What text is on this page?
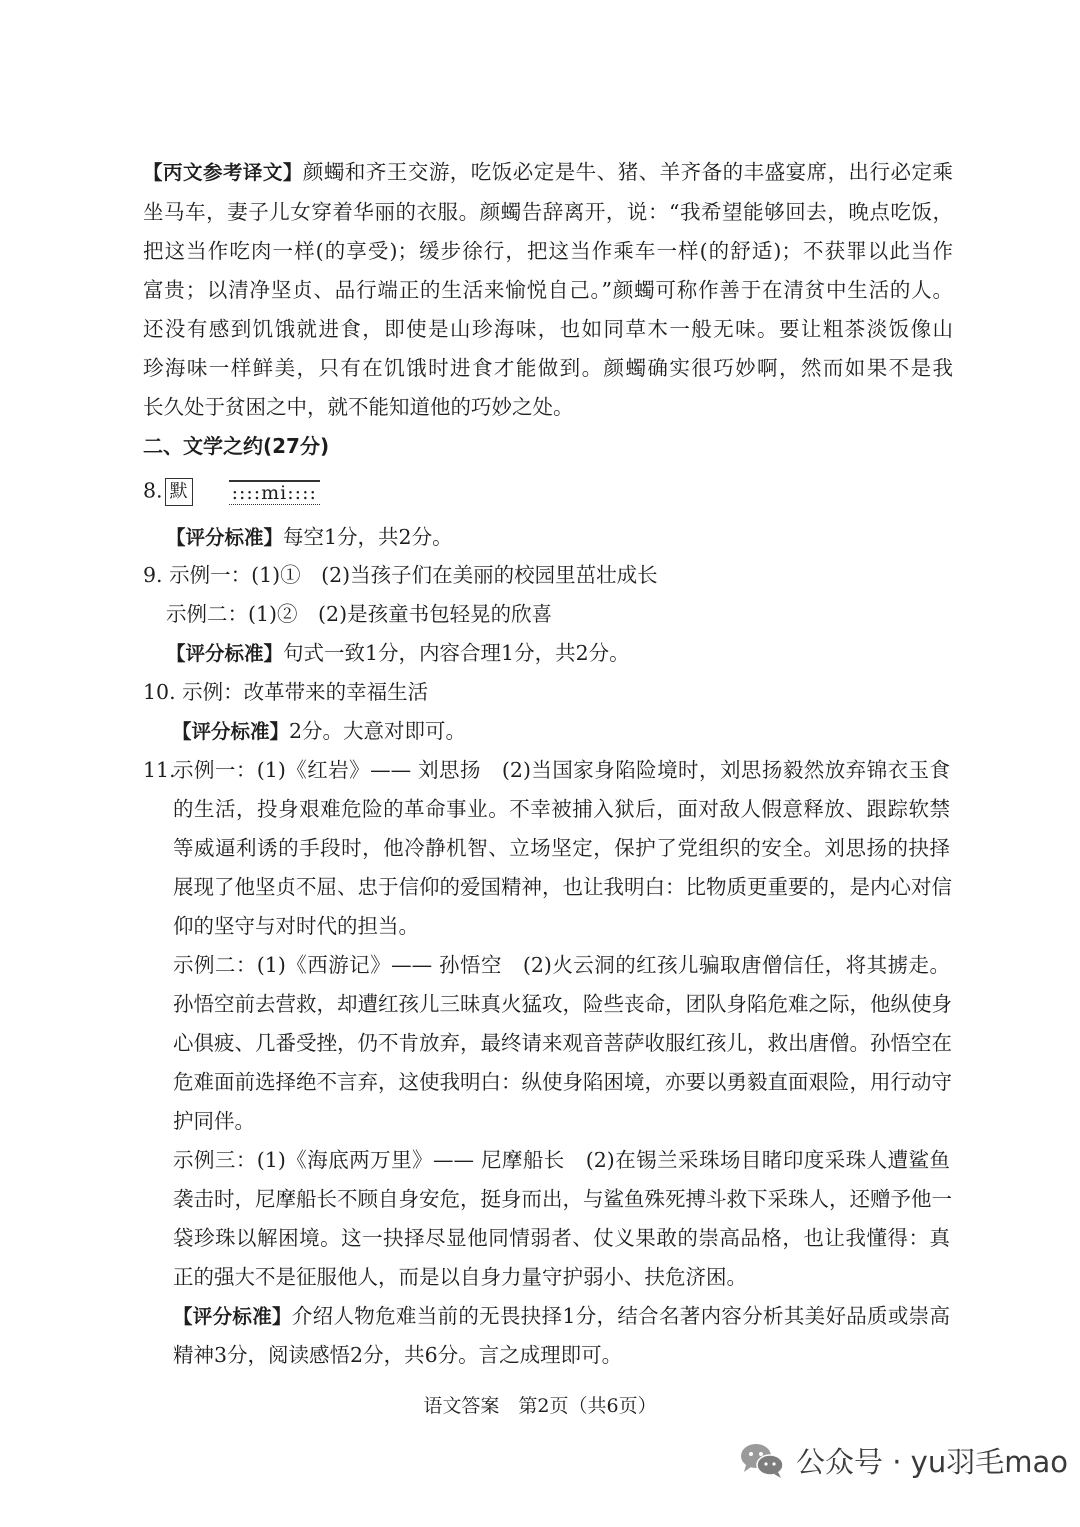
【丙文参考译文】颜蠋和齐王交游，吃饭必定是牛、猪、羊齐备的丰盛宴席，出行必定乘
坐马车，妻子儿女穿着华丽的衣服。颜蠋告辞离开，说：“我希望能够回去，晚点吃饭，
把这当作吃肉一样(的享受)；缓步徐行，把这当作乘车一样(的舒适)；不获罪以此当作
富贵；以清净坚贞、品行端正的生活来愉悦自己。”颜蠋可称作善于在清贫中生活的人。
还没有感到饥饿就进食，即使是山珍海味，也如同草木一般无味。要让粗茶淡饭像山
珍海味一样鲜美，只有在饥饿时进食才能做到。颜蠋确实很巧妙啊，然而如果不是我
长久处于贫困之中，就不能知道他的巧妙之处。
二、文学之约(27分)
8. 默 ::::mi::::
【评分标准】每空1分，共2分。
9. 示例一：(1)①　(2)当孩子们在美丽的校园里茁壮成长
示例二：(1)②　(2)是孩童书包轻晃的欣喜
【评分标准】句式一致1分，内容合理1分，共2分。
10. 示例：改革带来的幸福生活
【评分标准】2分。大意对即可。
11.
示例一：(1)《红岩》—— 刘思扬　(2)当国家身陷险境时，刘思扬毅然放弃锦衣玉食
的生活，投身艰难危险的革命事业。不幸被捕入狱后，面对敌人假意释放、跟踪软禁
等威逼利诱的手段时，他冷静机智、立场坚定，保护了党组织的安全。刘思扬的抉择
展现了他坚贞不屈、忠于信仰的爱国精神，也让我明白：比物质更重要的，是内心对信
仰的坚守与对时代的担当。
示例二：(1)《西游记》—— 孙悟空　(2)火云洞的红孩儿骗取唐僧信任，将其掳走。
孙悟空前去营救，却遭红孩儿三昧真火猛攻，险些丧命，团队身陷危难之际，他纵使身
心俱疲、几番受挫，仍不肯放弃，最终请来观音菩萨收服红孩儿，救出唐僧。孙悟空在
危难面前选择绝不言弃，这使我明白：纵使身陷困境，亦要以勇毅直面艰险，用行动守
护同伴。
示例三：(1)《海底两万里》—— 尼摩船长　(2)在锡兰采珠场目睹印度采珠人遭鲨鱼
袭击时，尼摩船长不顾自身安危，挺身而出，与鲨鱼殊死搏斗救下采珠人，还赠予他一
袋珍珠以解困境。这一抉择尽显他同情弱者、仗义果敢的崇高品格，也让我懂得：真
正的强大不是征服他人，而是以自身力量守护弱小、扶危济困。
【评分标准】介绍人物危难当前的无畏抉择1分，结合名著内容分析其美好品质或崇高
精神3分，阅读感悟2分，共6分。言之成理即可。
语文答案　第2页（共6页）
公众号 · yu羽毛mao
